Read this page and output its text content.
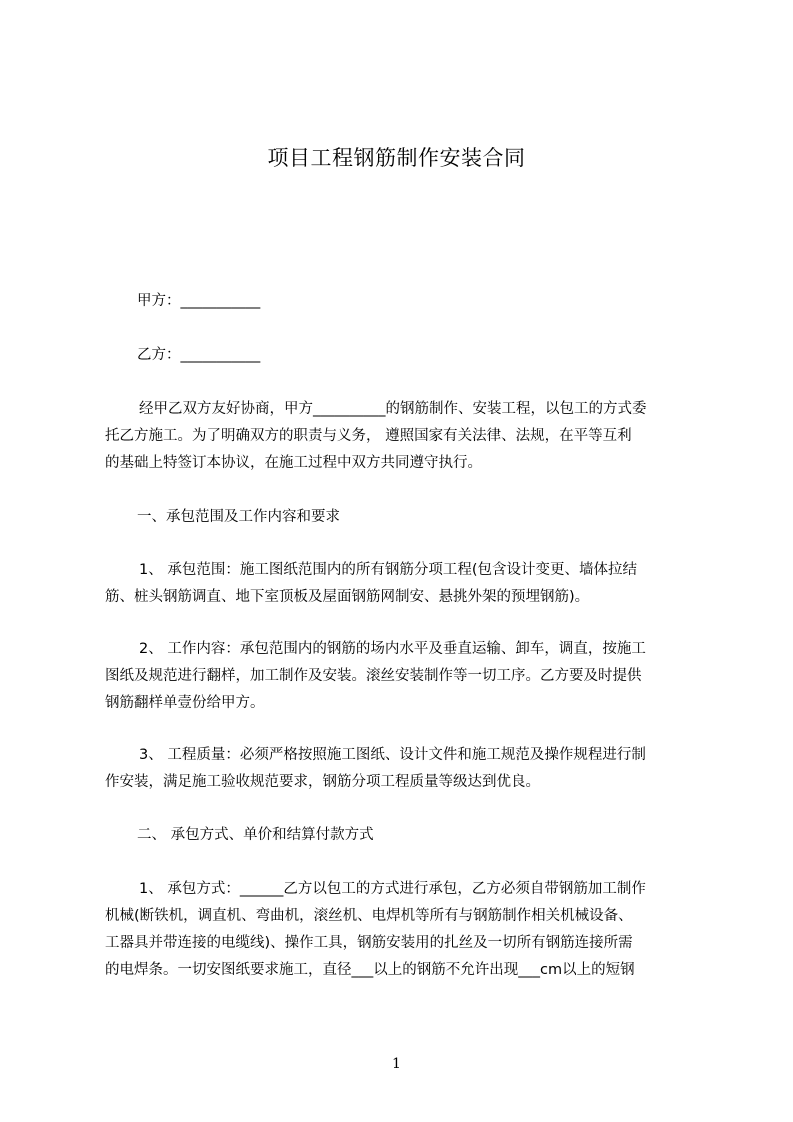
项目工程钢筋制作安装合同
甲方：___________
乙方：___________
经甲乙双方友好协商，甲方__________的钢筋制作、安装工程，以包工的方式委
托乙方施工。为了明确双方的职责与义务， 遵照国家有关法律、法规，在平等互利
的基础上特签订本协议，在施工过程中双方共同遵守执行。
一、承包范围及工作内容和要求
1、 承包范围：施工图纸范围内的所有钢筋分项工程(包含设计变更、墙体拉结
筋、桩头钢筋调直、地下室顶板及屋面钢筋网制安、悬挑外架的预埋钢筋)。
2、 工作内容：承包范围内的钢筋的场内水平及垂直运输、卸车，调直，按施工
图纸及规范进行翻样，加工制作及安装。滚丝安装制作等一切工序。乙方要及时提供
钢筋翻样单壹份给甲方。
3、 工程质量：必须严格按照施工图纸、设计文件和施工规范及操作规程进行制
作安装，满足施工验收规范要求，钢筋分项工程质量等级达到优良。
二、 承包方式、单价和结算付款方式
1、 承包方式：______乙方以包工的方式进行承包，乙方必须自带钢筋加工制作
机械(断铁机，调直机、弯曲机，滚丝机、电焊机等所有与钢筋制作相关机械设备、
工器具并带连接的电缆线)、操作工具，钢筋安装用的扎丝及一切所有钢筋连接所需
的电焊条。一切安图纸要求施工，直径___以上的钢筋不允许出现___cm以上的短钢
1
